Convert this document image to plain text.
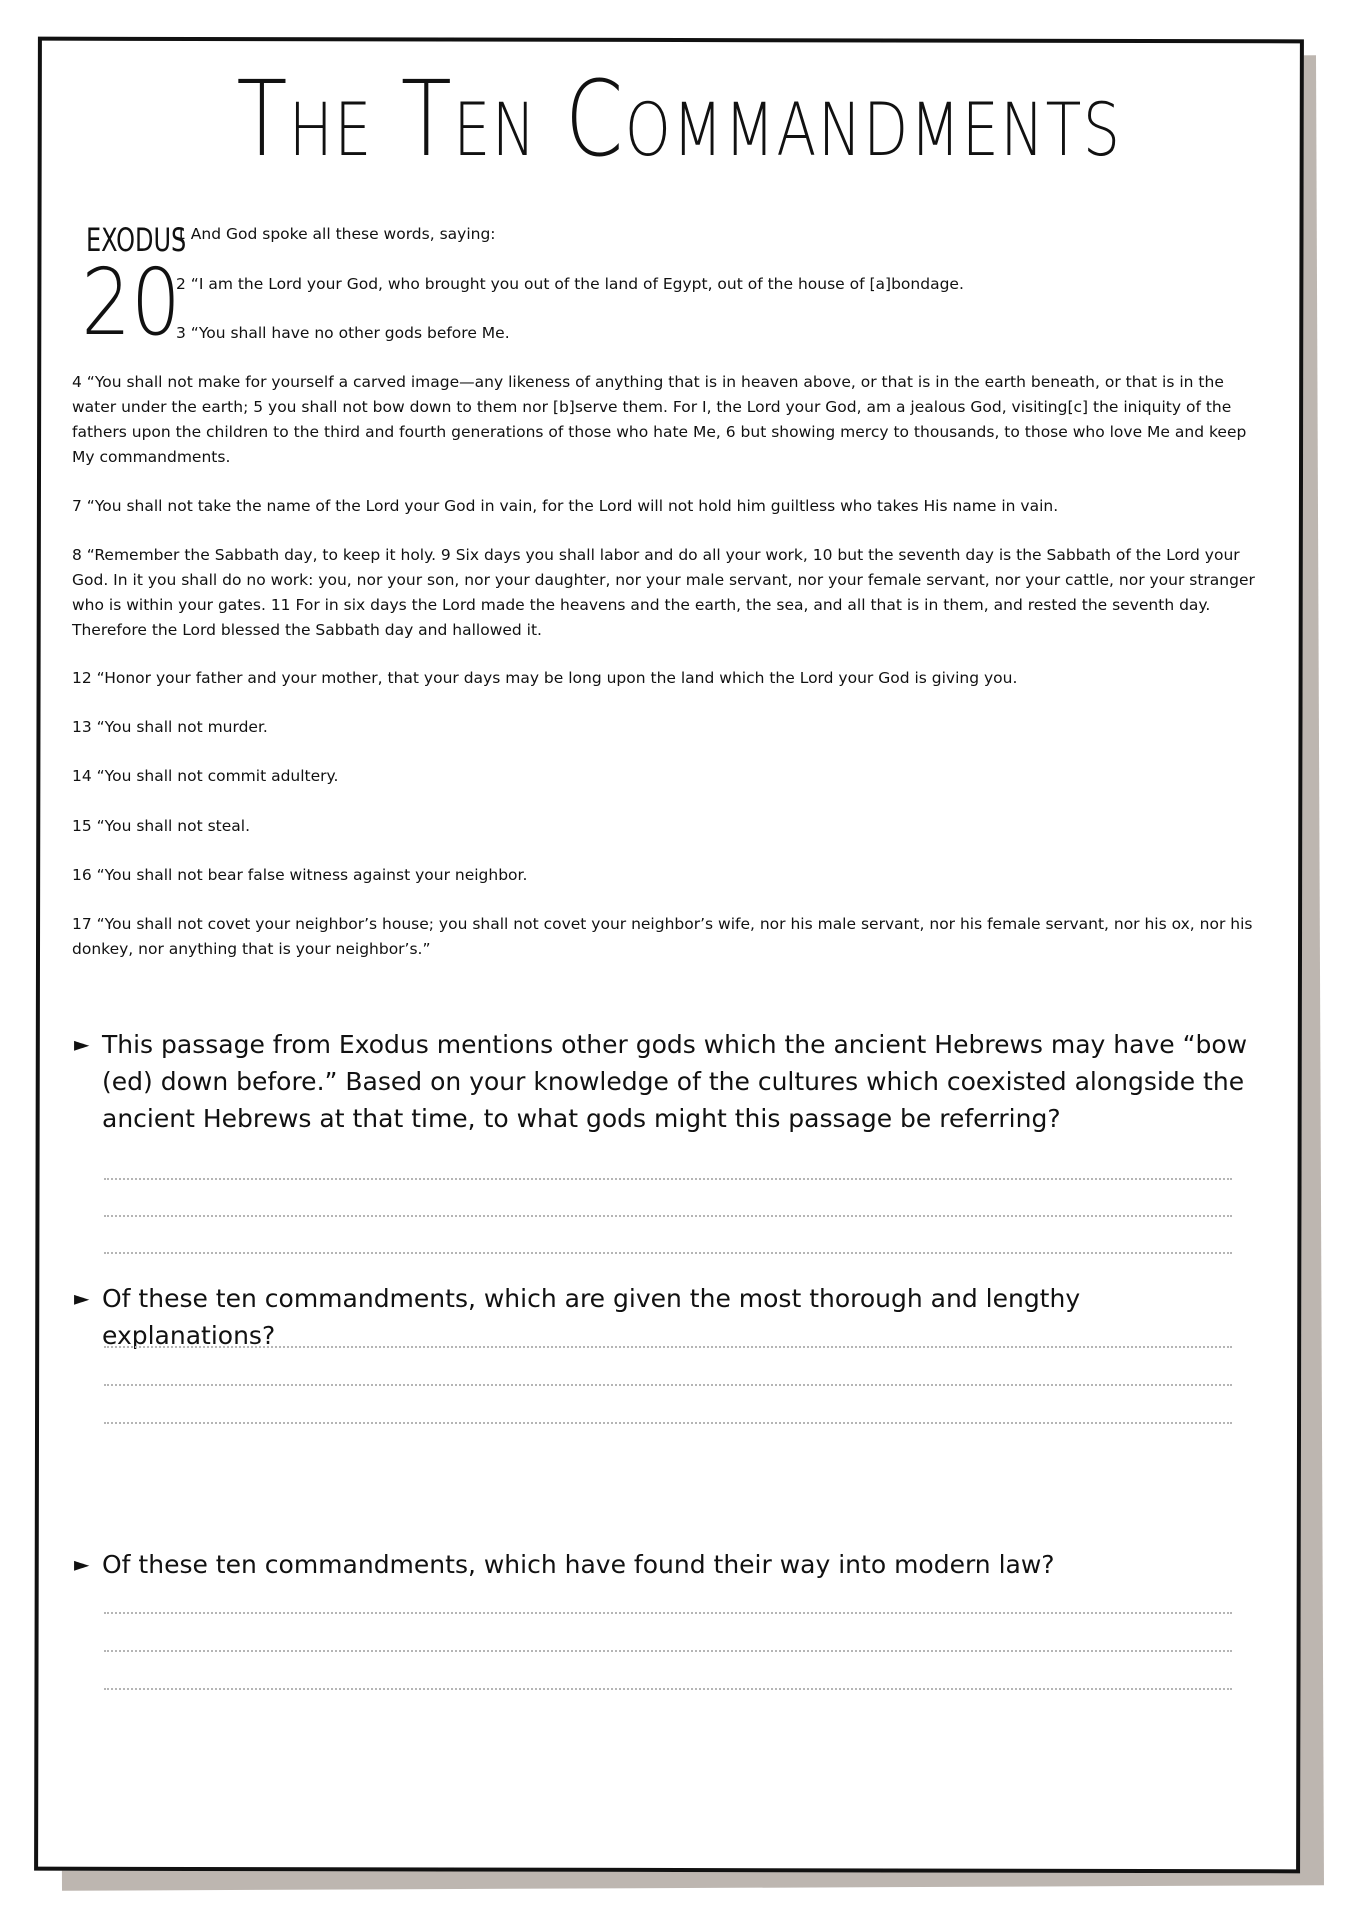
The Ten Commandments
EXODUS
20
1 And God spoke all these words, saying:
2 “I am the Lord your God, who brought you out of the land of Egypt, out of the house of [a]bondage.
3 “You shall have no other gods before Me.
4 “You shall not make for yourself a carved image—any likeness of anything that is in heaven above, or that is in the earth beneath, or that is in the water under the earth; 5 you shall not bow down to them nor [b]serve them. For I, the Lord your God, am a jealous God, visiting[c] the iniquity of the fathers upon the children to the third and fourth generations of those who hate Me, 6 but showing mercy to thousands, to those who love Me and keep My commandments.
7 “You shall not take the name of the Lord your God in vain, for the Lord will not hold him guiltless who takes His name in vain.
8 “Remember the Sabbath day, to keep it holy. 9 Six days you shall labor and do all your work, 10 but the seventh day is the Sabbath of the Lord your God. In it you shall do no work: you, nor your son, nor your daughter, nor your male servant, nor your female servant, nor your cattle, nor your stranger who is within your gates. 11 For in six days the Lord made the heavens and the earth, the sea, and all that is in them, and rested the seventh day. Therefore the Lord blessed the Sabbath day and hallowed it.
12 “Honor your father and your mother, that your days may be long upon the land which the Lord your God is giving you.
13 “You shall not murder.
14 “You shall not commit adultery.
15 “You shall not steal.
16 “You shall not bear false witness against your neighbor.
17 “You shall not covet your neighbor’s house; you shall not covet your neighbor’s wife, nor his male servant, nor his female servant, nor his ox, nor his donkey, nor anything that is your neighbor’s.”
► This passage from Exodus mentions other gods which the ancient Hebrews may have “bow (ed) down before.” Based on your knowledge of the cultures which coexisted alongside the ancient Hebrews at that time, to what gods might this passage be referring?
► Of these ten commandments, which are given the most thorough and lengthy explanations?
► Of these ten commandments, which have found their way into modern law?
